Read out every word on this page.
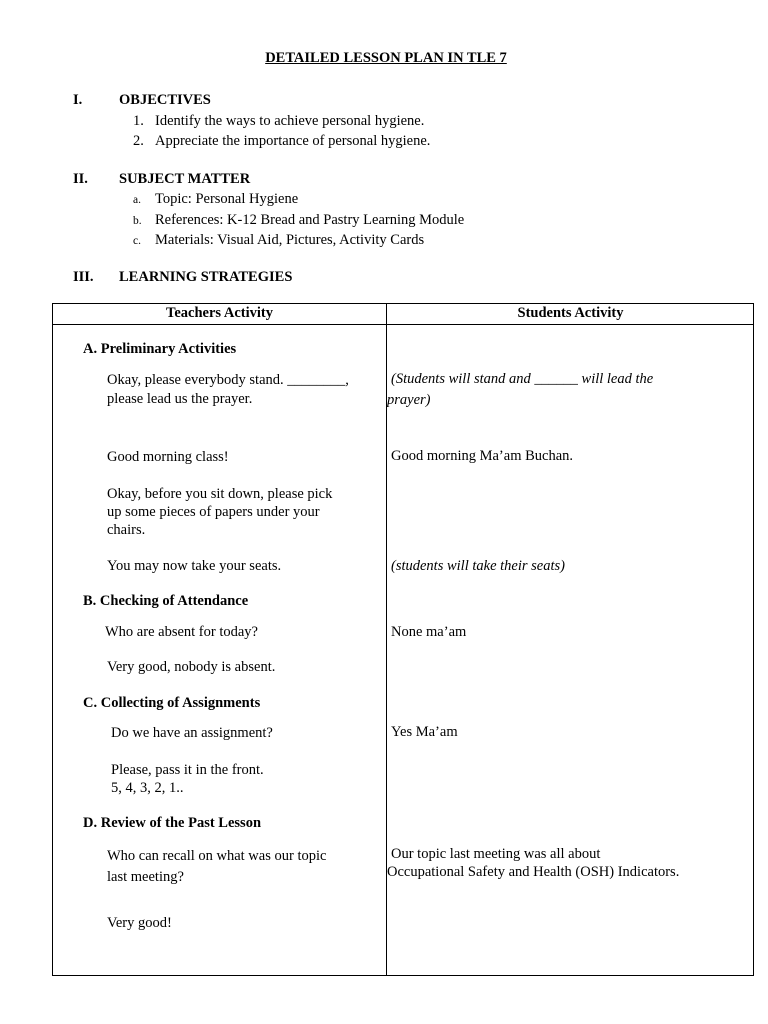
DETAILED LESSON PLAN IN TLE 7
I.	OBJECTIVES
1. Identify the ways to achieve personal hygiene.
2. Appreciate the importance of personal hygiene.
II. SUBJECT MATTER
a. Topic: Personal Hygiene
b. References: K-12 Bread and Pastry Learning Module
c. Materials: Visual Aid, Pictures, Activity Cards
III. LEARNING STRATEGIES
Teachers Activity	Students Activity
A. Preliminary Activities
B. Checking of Attendance
C. Collecting of Assignments
D. Review of the Past Lesson
Okay, please everybody stand. ________,
please lead us the prayer.
Good morning class!
Okay, before you sit down, please pick
up some pieces of papers under your
chairs.
You may now take your seats.
Who are absent for today?
Very good, nobody is absent.
Do we have an assignment?
Please, pass it in the front.
5, 4, 3, 2, 1..
Who can recall on what was our topic
last meeting?
Very good!
(Students will stand and ______ will lead the
prayer)
Good morning Ma’am Buchan.
(students will take their seats)
None ma’am
Yes Ma’am
Our topic last meeting was all about
Occupational Safety and Health (OSH) Indicators.
